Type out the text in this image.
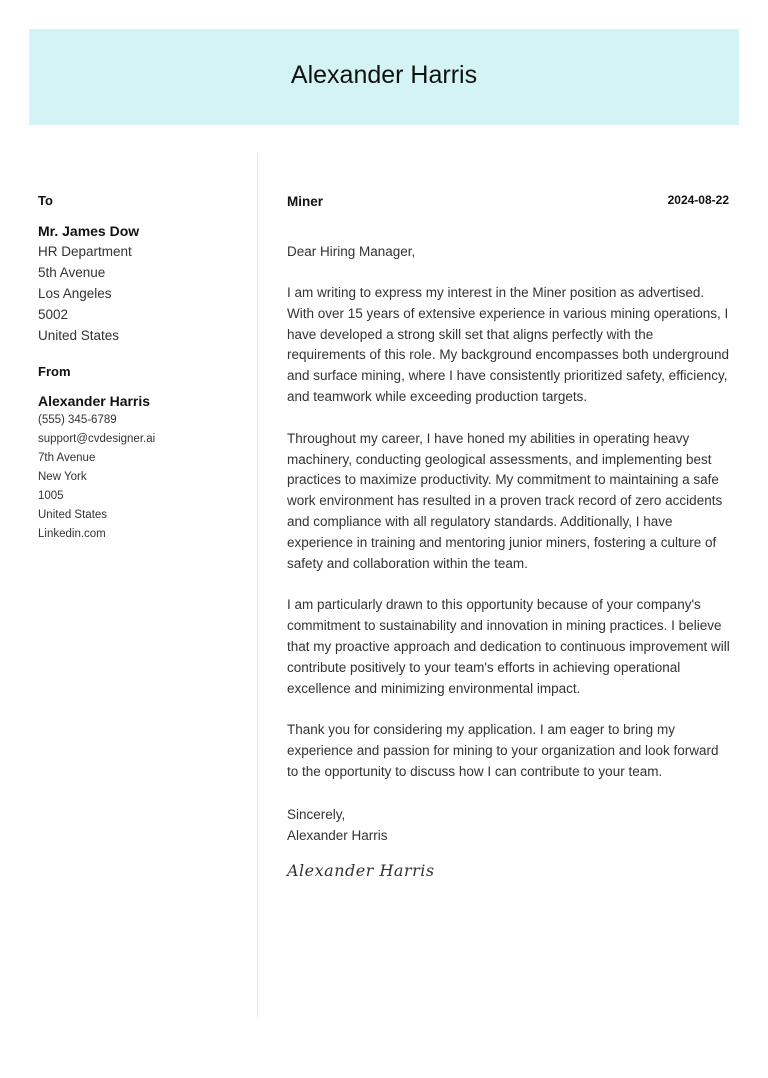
Alexander Harris
To
Mr. James Dow
HR Department
5th Avenue
Los Angeles
5002
United States
From
Alexander Harris
(555) 345-6789
support@cvdesigner.ai
7th Avenue
New York
1005
United States
Linkedin.com
Miner	2024-08-22
Dear Hiring Manager,
I am writing to express my interest in the Miner position as advertised. With over 15 years of extensive experience in various mining operations, I have developed a strong skill set that aligns perfectly with the requirements of this role. My background encompasses both underground and surface mining, where I have consistently prioritized safety, efficiency, and teamwork while exceeding production targets.
Throughout my career, I have honed my abilities in operating heavy machinery, conducting geological assessments, and implementing best practices to maximize productivity. My commitment to maintaining a safe work environment has resulted in a proven track record of zero accidents and compliance with all regulatory standards. Additionally, I have experience in training and mentoring junior miners, fostering a culture of safety and collaboration within the team.
I am particularly drawn to this opportunity because of your company's commitment to sustainability and innovation in mining practices. I believe that my proactive approach and dedication to continuous improvement will contribute positively to your team's efforts in achieving operational excellence and minimizing environmental impact.
Thank you for considering my application. I am eager to bring my experience and passion for mining to your organization and look forward to the opportunity to discuss how I can contribute to your team.
Sincerely,
Alexander Harris
Alexander Harris
